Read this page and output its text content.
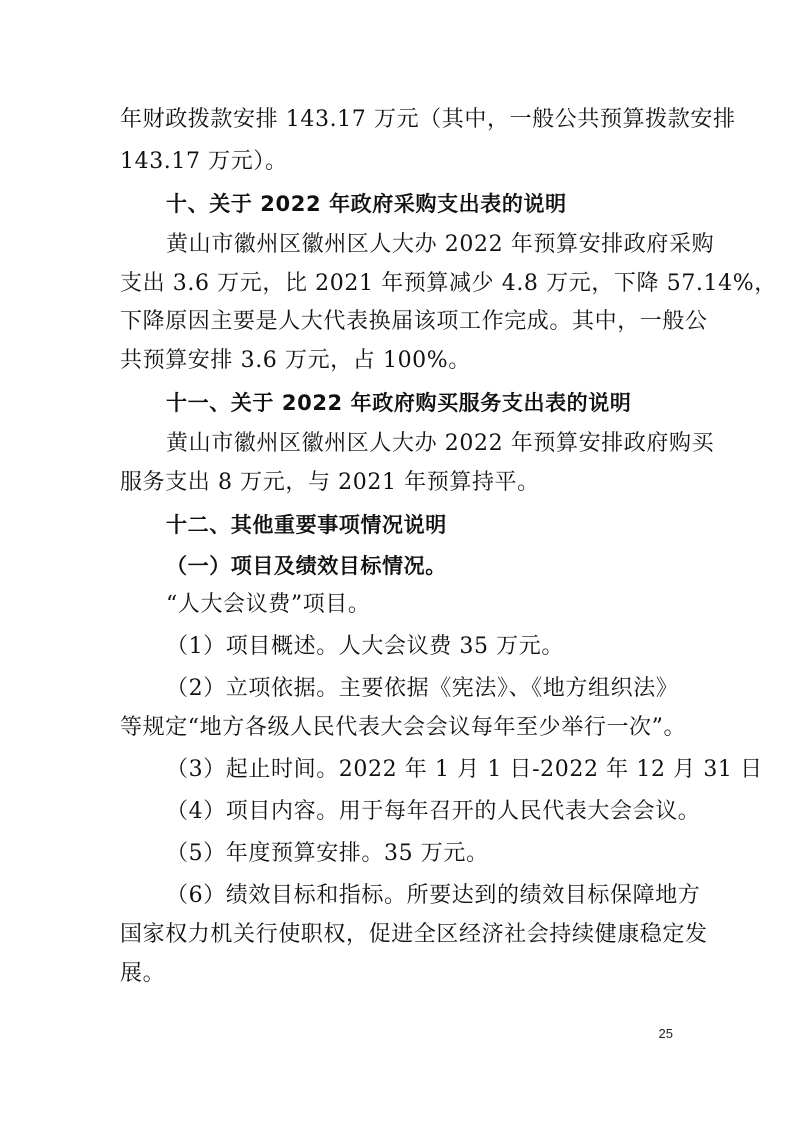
年财政拨款安排 143.17 万元（其中，一般公共预算拨款安排
143.17 万元）。
十、关于 2022 年政府采购支出表的说明
黄山市徽州区徽州区人大办 2022 年预算安排政府采购
支出 3.6 万元，比 2021 年预算减少 4.8 万元，下降 57.14%，
下降原因主要是人大代表换届该项工作完成。其中，一般公
共预算安排 3.6 万元，占 100%。
十一、关于 2022 年政府购买服务支出表的说明
黄山市徽州区徽州区人大办 2022 年预算安排政府购买
服务支出 8 万元，与 2021 年预算持平。
十二、其他重要事项情况说明
（一）项目及绩效目标情况。
“人大会议费”项目。
（1）项目概述。人大会议费 35 万元。
（2）立项依据。主要依据《宪法》、《地方组织法》
等规定“地方各级人民代表大会会议每年至少举行一次”。
（3）起止时间。2022 年 1 月 1 日-2022 年 12 月 31 日
（4）项目内容。用于每年召开的人民代表大会会议。
（5）年度预算安排。35 万元。
（6）绩效目标和指标。所要达到的绩效目标保障地方
国家权力机关行使职权，促进全区经济社会持续健康稳定发
展。
25
